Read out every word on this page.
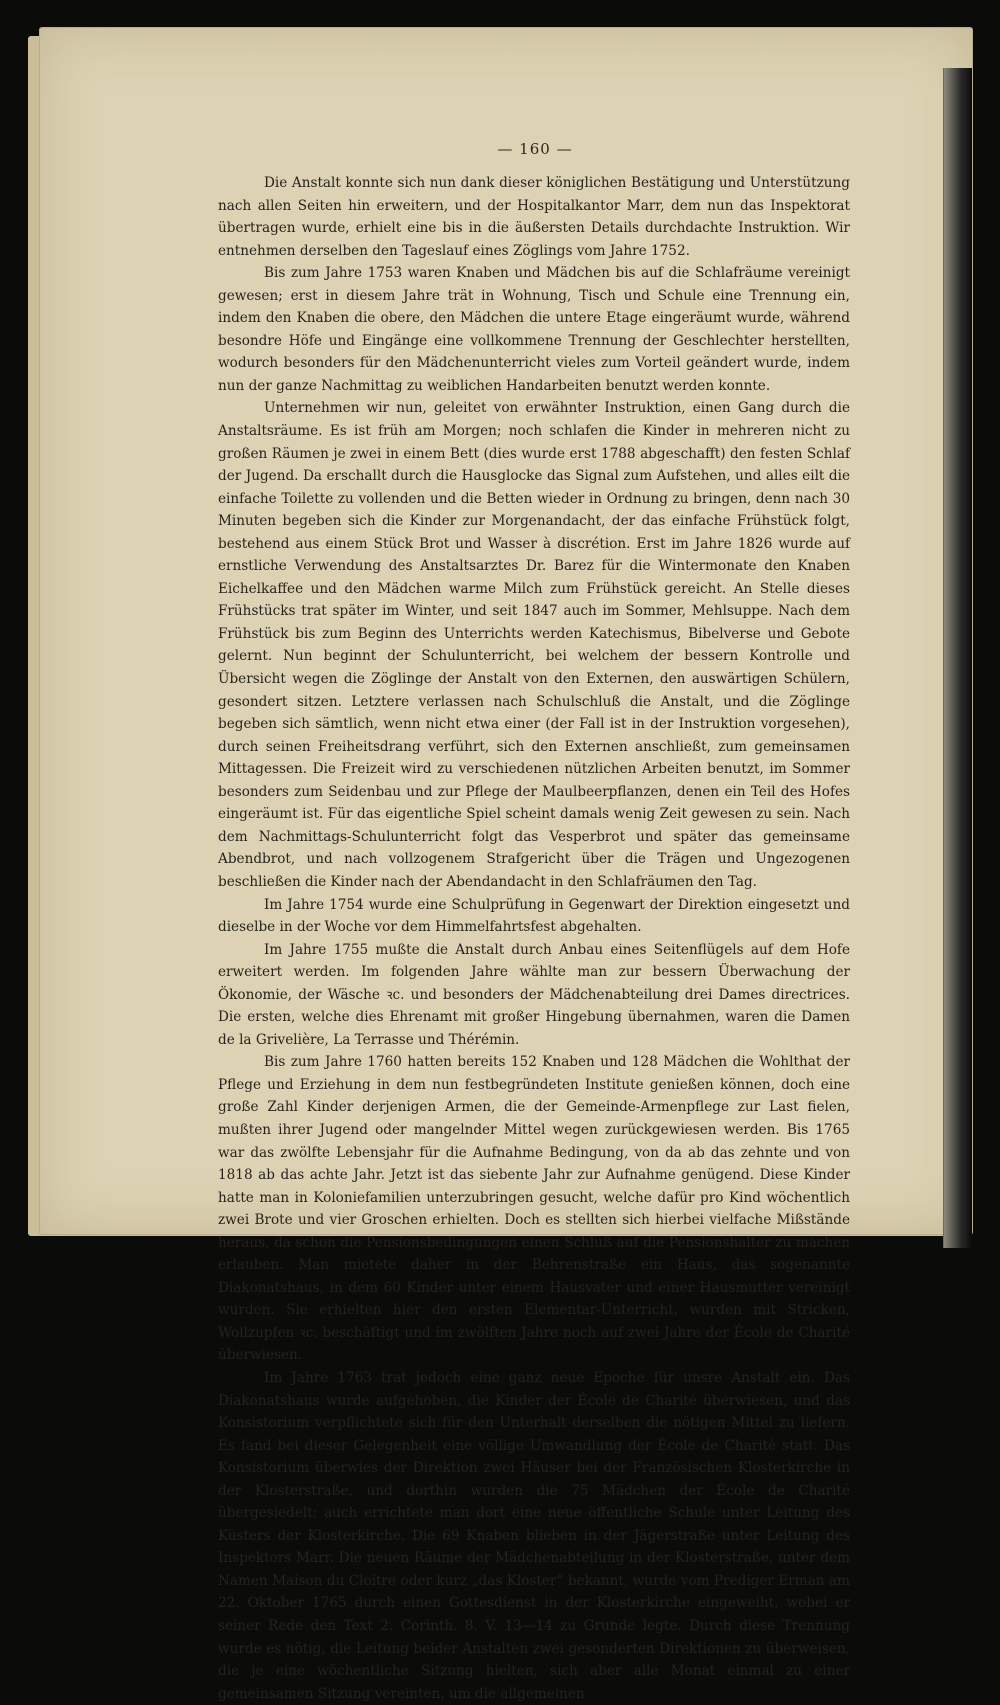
— 160 —

Die Anstalt konnte sich nun dank dieser königlichen Bestätigung und Unterstützung nach allen Seiten hin erweitern, und der Hospitalkantor Marr, dem nun das Inspektorat übertragen wurde, erhielt eine bis in die äußersten Details durchdachte Instruktion. Wir entnehmen derselben den Tageslauf eines Zöglings vom Jahre 1752.

Bis zum Jahre 1753 waren Knaben und Mädchen bis auf die Schlafräume vereinigt gewesen; erst in diesem Jahre trät in Wohnung, Tisch und Schule eine Trennung ein, indem den Knaben die obere, den Mädchen die untere Etage eingeräumt wurde, während besondre Höfe und Eingänge eine vollkommene Trennung der Geschlechter herstellten, wodurch besonders für den Mädchenunterricht vieles zum Vorteil geändert wurde, indem nun der ganze Nachmittag zu weiblichen Handarbeiten benutzt werden konnte.

Unternehmen wir nun, geleitet von erwähnter Instruktion, einen Gang durch die Anstaltsräume. Es ist früh am Morgen; noch schlafen die Kinder in mehreren nicht zu großen Räumen je zwei in einem Bett (dies wurde erst 1788 abgeschafft) den festen Schlaf der Jugend. Da erschallt durch die Hausglocke das Signal zum Aufstehen, und alles eilt die einfache Toilette zu vollenden und die Betten wieder in Ordnung zu bringen, denn nach 30 Minuten begeben sich die Kinder zur Morgenandacht, der das einfache Frühstück folgt, bestehend aus einem Stück Brot und Wasser à discrétion. Erst im Jahre 1826 wurde auf ernstliche Verwendung des Anstaltsarztes Dr. Barez für die Wintermonate den Knaben Eichelkaffee und den Mädchen warme Milch zum Frühstück gereicht. An Stelle dieses Frühstücks trat später im Winter, und seit 1847 auch im Sommer, Mehlsuppe. Nach dem Frühstück bis zum Beginn des Unterrichts werden Katechismus, Bibelverse und Gebote gelernt. Nun beginnt der Schulunterricht, bei welchem der bessern Kontrolle und Übersicht wegen die Zöglinge der Anstalt von den Externen, den auswärtigen Schülern, gesondert sitzen. Letztere verlassen nach Schulschluß die Anstalt, und die Zöglinge begeben sich sämtlich, wenn nicht etwa einer (der Fall ist in der Instruktion vorgesehen), durch seinen Freiheitsdrang verführt, sich den Externen anschließt, zum gemeinsamen Mittagessen. Die Freizeit wird zu verschiedenen nützlichen Arbeiten benutzt, im Sommer besonders zum Seidenbau und zur Pflege der Maulbeerpflanzen, denen ein Teil des Hofes eingeräumt ist. Für das eigentliche Spiel scheint damals wenig Zeit gewesen zu sein. Nach dem Nachmittags-Schulunterricht folgt das Vesperbrot und später das gemeinsame Abendbrot, und nach vollzogenem Strafgericht über die Trägen und Ungezogenen beschließen die Kinder nach der Abendandacht in den Schlafräumen den Tag.

Im Jahre 1754 wurde eine Schulprüfung in Gegenwart der Direktion eingesetzt und dieselbe in der Woche vor dem Himmelfahrtsfest abgehalten.

Im Jahre 1755 mußte die Anstalt durch Anbau eines Seitenflügels auf dem Hofe erweitert werden. Im folgenden Jahre wählte man zur bessern Überwachung der Ökonomie, der Wäsche ꝛc. und besonders der Mädchenabteilung drei Dames directrices. Die ersten, welche dies Ehrenamt mit großer Hingebung übernahmen, waren die Damen de la Grivelière, La Terrasse und Thérémin.

Bis zum Jahre 1760 hatten bereits 152 Knaben und 128 Mädchen die Wohlthat der Pflege und Erziehung in dem nun festbegründeten Institute genießen können, doch eine große Zahl Kinder derjenigen Armen, die der Gemeinde-Armenpflege zur Last fielen, mußten ihrer Jugend oder mangelnder Mittel wegen zurückgewiesen werden. Bis 1765 war das zwölfte Lebensjahr für die Aufnahme Bedingung, von da ab das zehnte und von 1818 ab das achte Jahr. Jetzt ist das siebente Jahr zur Aufnahme genügend. Diese Kinder hatte man in Koloniefamilien unterzubringen gesucht, welche dafür pro Kind wöchentlich zwei Brote und vier Groschen erhielten. Doch es stellten sich hierbei vielfache Mißstände heraus, da schon die Pensionsbedingungen einen Schluß auf die Pensionshalter zu machen erlauben. Man mietete daher in der Behrenstraße ein Haus, das sogenannte Diakonatshaus, in dem 60 Kinder unter einem Hausvater und einer Hausmutter vereinigt wurden. Sie erhielten hier den ersten Elementar-Unterricht, wurden mit Stricken, Wollzupfen ꝛc. beschäftigt und im zwölften Jahre noch auf zwei Jahre der École de Charité überwiesen.

Im Jahre 1763 trat jedoch eine ganz neue Epoche für unsre Anstalt ein. Das Diakonatshaus wurde aufgehoben, die Kinder der École de Charité überwiesen, und das Konsistorium verpflichtete sich für den Unterhalt derselben die nötigen Mittel zu liefern. Es fand bei dieser Gelegenheit eine völlige Umwandlung der École de Charité statt. Das Konsistorium überwies der Direktion zwei Häuser bei der Französischen Klosterkirche in der Klosterstraße, und dorthin wurden die 75 Mädchen der École de Charité übergesiedelt; auch errichtete man dort eine neue öffentliche Schule unter Leitung des Küsters der Klosterkirche. Die 69 Knaben blieben in der Jägerstraße unter Leitung des Inspektors Marr. Die neuen Räume der Mädchenabteilung in der Klosterstraße, unter dem Namen Maison du Cloître oder kurz „das Kloster“ bekannt, wurde vom Prediger Erman am 22. Oktober 1765 durch einen Gottesdienst in der Klosterkirche eingeweiht, wobei er seiner Rede den Text 2. Corinth. 8. V. 13—14 zu Grunde legte. Durch diese Trennung wurde es nötig, die Leitung beider Anstalten zwei gesonderten Direktionen zu überweisen, die je eine wöchentliche Sitzung hielten, sich aber alle Monat einmal zu einer gemeinsamen Sitzung vereinten, um die allgemeinen
